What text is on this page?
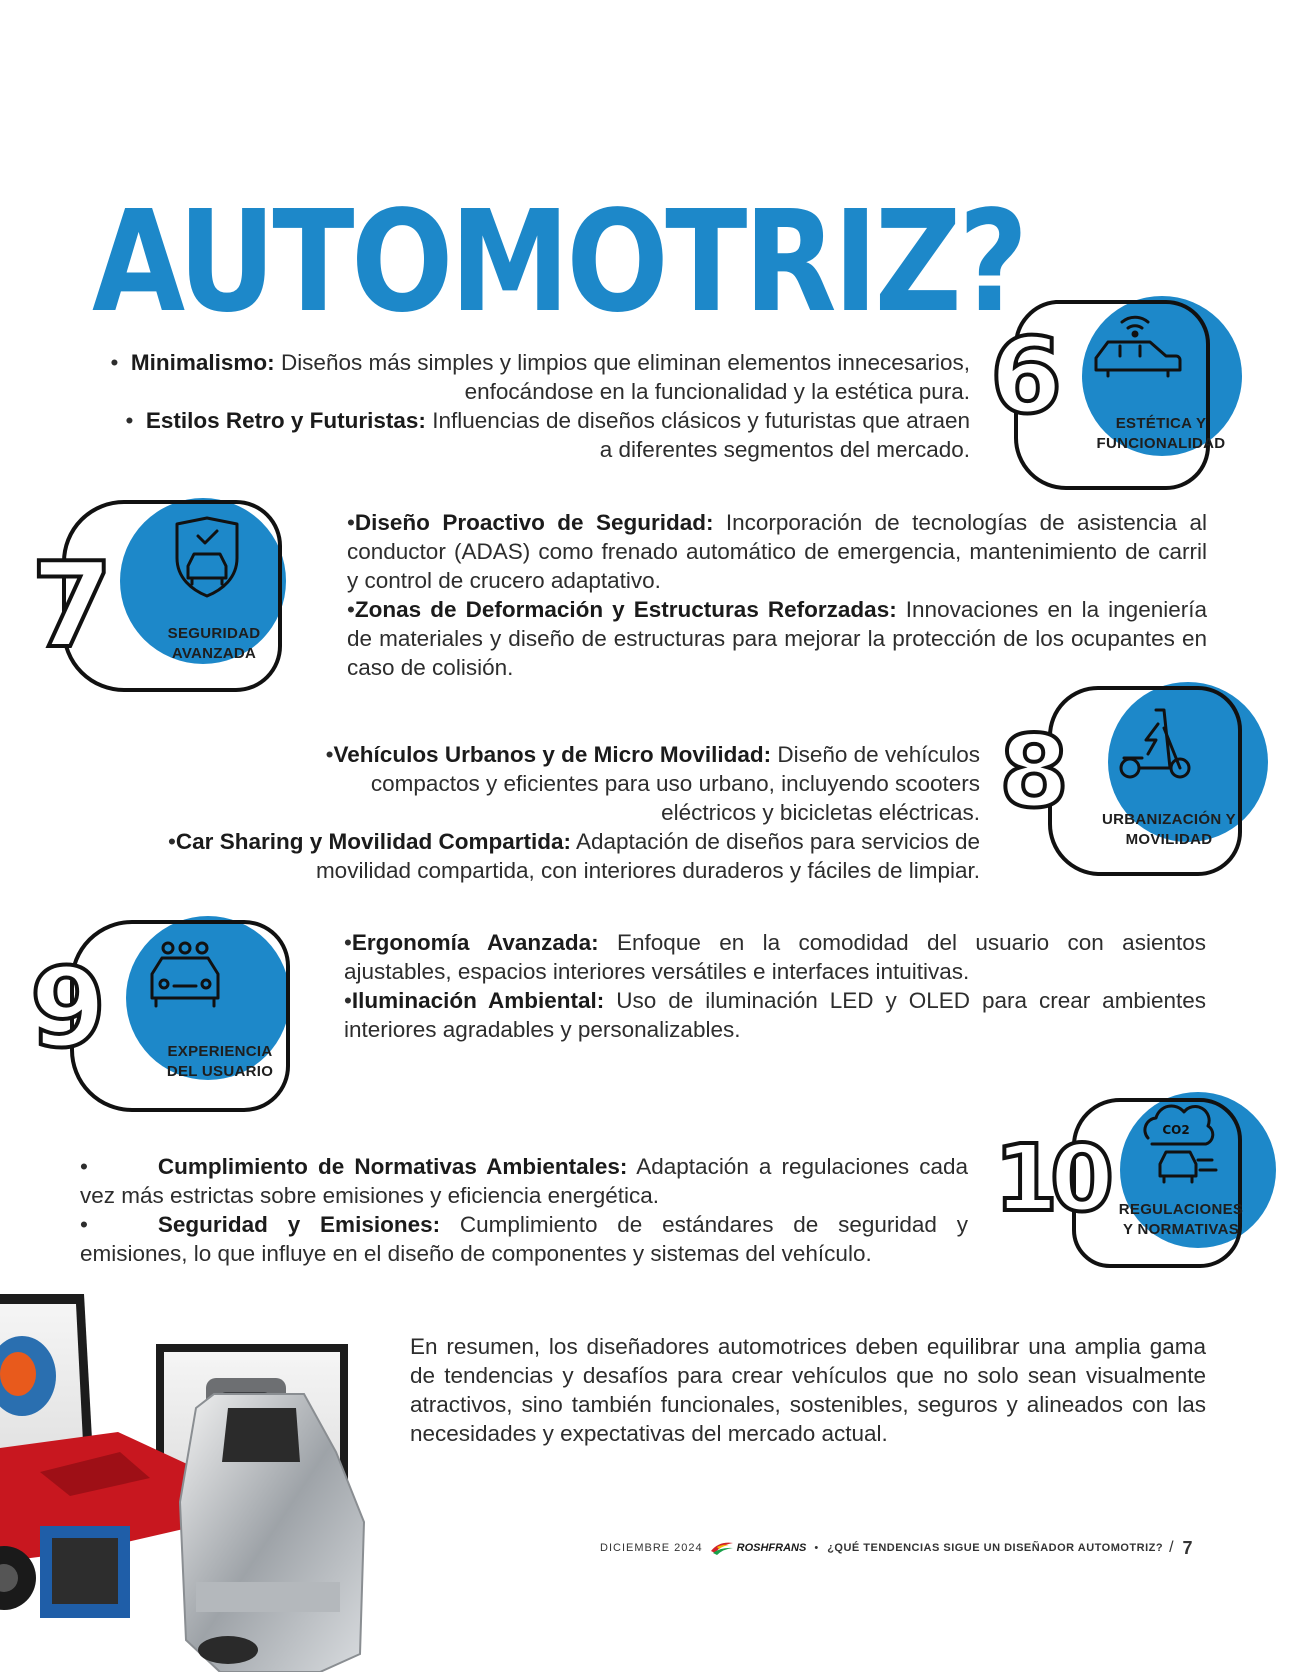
AUTOMOTRIZ?

• Minimalismo: Diseños más simples y limpios que eliminan elementos innecesarios, enfocándose en la funcionalidad y la estética pura.

• Estilos Retro y Futuristas: Influencias de diseños clásicos y futuristas que atraen a diferentes segmentos del mercado.

6	ESTÉTICA Y
FUNCIONALIDAD
7	SEGURIDAD
AVANZADA

•Diseño Proactivo de Seguridad: Incorporación de tecnologías de asistencia al conductor (ADAS) como frenado automático de emergencia, mantenimiento de carril y control de crucero adaptativo.

•Zonas de Deformación y Estructuras Reforzadas: Innovaciones en la ingeniería de materiales y diseño de estructuras para mejorar la protección de los ocupantes en caso de colisión.

•Vehículos Urbanos y de Micro Movilidad: Diseño de vehículos compactos y eficientes para uso urbano, incluyendo scooters eléctricos y bicicletas eléctricas.

•Car Sharing y Movilidad Compartida: Adaptación de diseños para servicios de movilidad compartida, con interiores duraderos y fáciles de limpiar.

8	URBANIZACIÓN Y
MOVILIDAD
9	EXPERIENCIA
DEL USUARIO

•Ergonomía Avanzada: Enfoque en la comodidad del usuario con asientos ajustables, espacios interiores versátiles e interfaces intuitivas.

•Iluminación Ambiental: Uso de iluminación LED y OLED para crear ambientes interiores agradables y personalizables.

•	Cumplimiento de Normativas Ambientales: Adaptación a regulaciones cada vez más estrictas sobre emisiones y eficiencia energética.

•	Seguridad y Emisiones: Cumplimiento de estándares de seguridad y emisiones, lo que influye en el diseño de componentes y sistemas del vehículo.

10	CO2
REGULACIONES
Y NORMATIVAS
En resumen, los diseñadores automotrices deben equilibrar una amplia gama de tendencias y desafíos para crear vehículos que no solo sean visualmente atractivos, sino también funcionales, sostenibles, seguros y alineados con las necesidades y expectativas del mercado actual.
DICIEMBRE 2024	ROSHFRANS • ¿QUÉ TENDENCIAS SIGUE UN DISEÑADOR AUTOMOTRIZ? / 7
